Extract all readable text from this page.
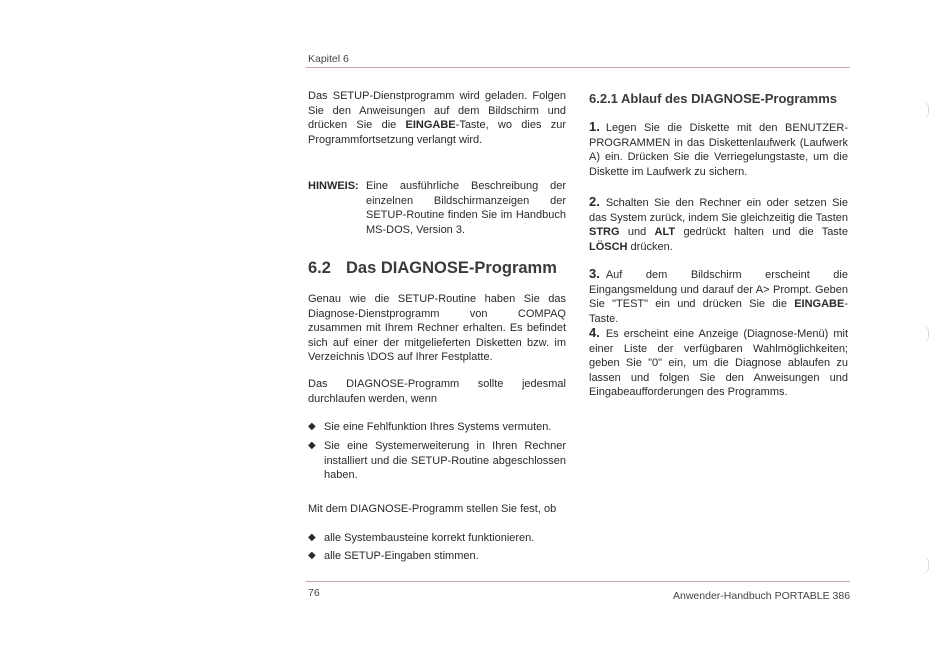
Kapitel 6

Das SETUP-Dienstprogramm wird geladen. Folgen Sie den Anweisungen auf dem Bildschirm und drücken Sie die EINGABE-Taste, wo dies zur Programmfortsetzung verlangt wird.

HINWEIS: Eine ausführliche Beschreibung der einzelnen Bildschirmanzeigen der SETUP-Routine finden Sie im Handbuch MS-DOS, Version 3.
6.2 Das DIAGNOSE-Programm
Genau wie die SETUP-Routine haben Sie das Diagnose-Dienstprogramm von COMPAQ zusammen mit Ihrem Rechner erhalten. Es befindet sich auf einer der mitgelieferten Disketten bzw. im Verzeichnis \DOS auf Ihrer Festplatte.
Das DIAGNOSE-Programm sollte jedesmal durchlaufen werden, wenn
◆ Sie eine Fehlfunktion Ihres Systems vermuten.
◆ Sie eine Systemerweiterung in Ihren Rechner installiert und die SETUP-Routine abgeschlossen haben.
Mit dem DIAGNOSE-Programm stellen Sie fest, ob
◆ alle Systembausteine korrekt funktionieren.
◆ alle SETUP-Eingaben stimmen.
6.2.1 Ablauf des DIAGNOSE-Programms

1. Legen Sie die Diskette mit den BENUTZER-PROGRAMMEN in das Diskettenlaufwerk (Laufwerk A) ein. Drücken Sie die Verriegelungstaste, um die Diskette im Laufwerk zu sichern.

2. Schalten Sie den Rechner ein oder setzen Sie das System zurück, indem Sie gleichzeitig die Tasten STRG und ALT gedrückt halten und die Taste LÖSCH drücken.

3. Auf dem Bildschirm erscheint die Eingangsmeldung und darauf der A> Prompt. Geben Sie "TEST" ein und drücken Sie die EINGABE-Taste.

4. Es erscheint eine Anzeige (Diagnose-Menü) mit einer Liste der verfügbaren Wahlmöglichkeiten; geben Sie "0" ein, um die Diagnose ablaufen zu lassen und folgen Sie den Anweisungen und Eingabeaufforderungen des Programms.

76	Anwender-Handbuch PORTABLE 386
